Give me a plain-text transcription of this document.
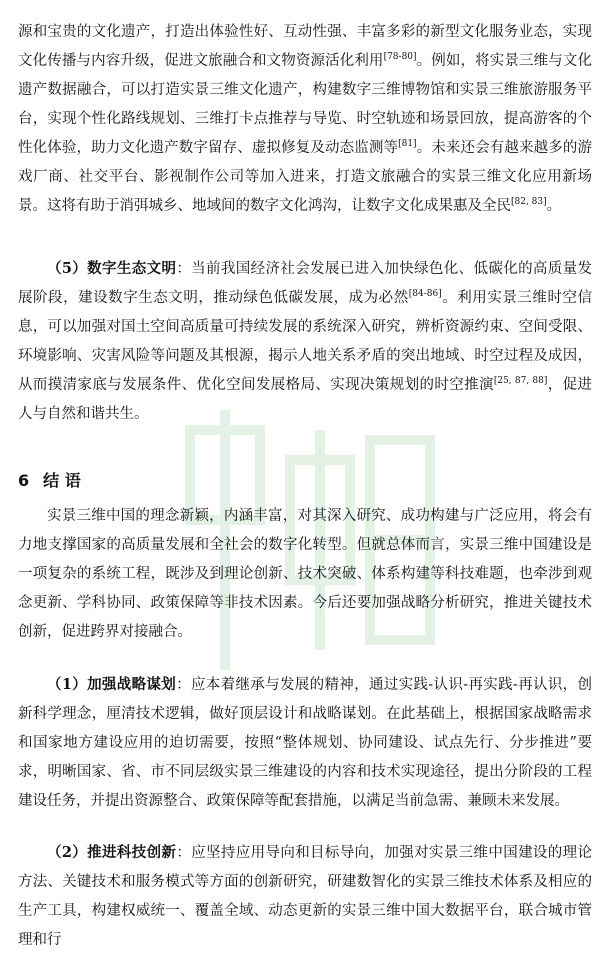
源和宝贵的文化遗产，打造出体验性好、互动性强、丰富多彩的新型文化服务业态，实现文化传播与内容升级，促进文旅融合和文物资源活化利用[78-80]。例如，将实景三维与文化遗产数据融合，可以打造实景三维文化遗产，构建数字三维博物馆和实景三维旅游服务平台，实现个性化路线规划、三维打卡点推荐与导览、时空轨迹和场景回放，提高游客的个性化体验，助力文化遗产数字留存、虚拟修复及动态监测等[81]。未来还会有越来越多的游戏厂商、社交平台、影视制作公司等加入进来，打造文旅融合的实景三维文化应用新场景。这将有助于消弭城乡、地域间的数字文化鸿沟，让数字文化成果惠及全民[82, 83]。

（5）数字生态文明：当前我国经济社会发展已进入加快绿色化、低碳化的高质量发展阶段，建设数字生态文明，推动绿色低碳发展，成为必然[84-86]。利用实景三维时空信息，可以加强对国土空间高质量可持续发展的系统深入研究，辨析资源约束、空间受限、环境影响、灾害风险等问题及其根源，揭示人地关系矛盾的突出地域、时空过程及成因，从而摸清家底与发展条件、优化空间发展格局、实现决策规划的时空推演[25, 87, 88]，促进人与自然和谐共生。

6 结 语

实景三维中国的理念新颖，内涵丰富，对其深入研究、成功构建与广泛应用，将会有力地支撑国家的高质量发展和全社会的数字化转型。但就总体而言，实景三维中国建设是一项复杂的系统工程，既涉及到理论创新、技术突破、体系构建等科技难题，也牵涉到观念更新、学科协同、政策保障等非技术因素。今后还要加强战略分析研究，推进关键技术创新，促进跨界对接融合。

（1）加强战略谋划：应本着继承与发展的精神，通过实践-认识-再实践-再认识，创新科学理念，厘清技术逻辑，做好顶层设计和战略谋划。在此基础上，根据国家战略需求和国家地方建设应用的迫切需要，按照“整体规划、协同建设、试点先行、分步推进”要求，明晰国家、省、市不同层级实景三维建设的内容和技术实现途径，提出分阶段的工程建设任务，并提出资源整合、政策保障等配套措施，以满足当前急需、兼顾未来发展。

（2）推进科技创新：应坚持应用导向和目标导向，加强对实景三维中国建设的理论方法、关键技术和服务模式等方面的创新研究，研建数智化的实景三维技术体系及相应的生产工具，构建权威统一、覆盖全域、动态更新的实景三维中国大数据平台，联合城市管理和行
